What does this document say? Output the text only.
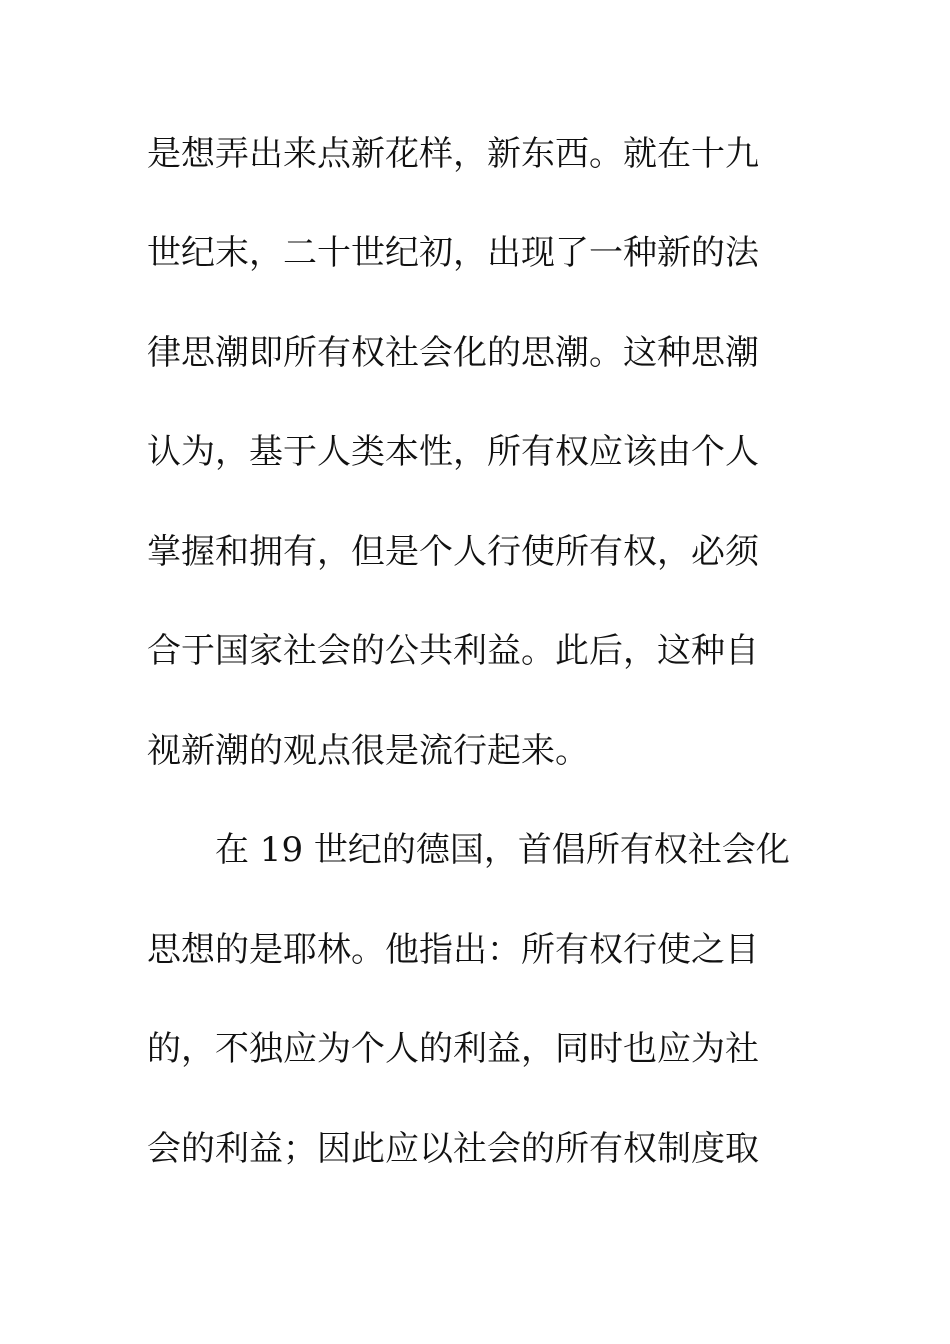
是想弄出来点新花样，新东西。就在十九
世纪末，二十世纪初，出现了一种新的法
律思潮即所有权社会化的思潮。这种思潮
认为，基于人类本性，所有权应该由个人
掌握和拥有，但是个人行使所有权，必须
合于国家社会的公共利益。此后，这种自
视新潮的观点很是流行起来。
在 19 世纪的德国，首倡所有权社会化
思想的是耶林。他指出：所有权行使之目
的，不独应为个人的利益，同时也应为社
会的利益；因此应以社会的所有权制度取
